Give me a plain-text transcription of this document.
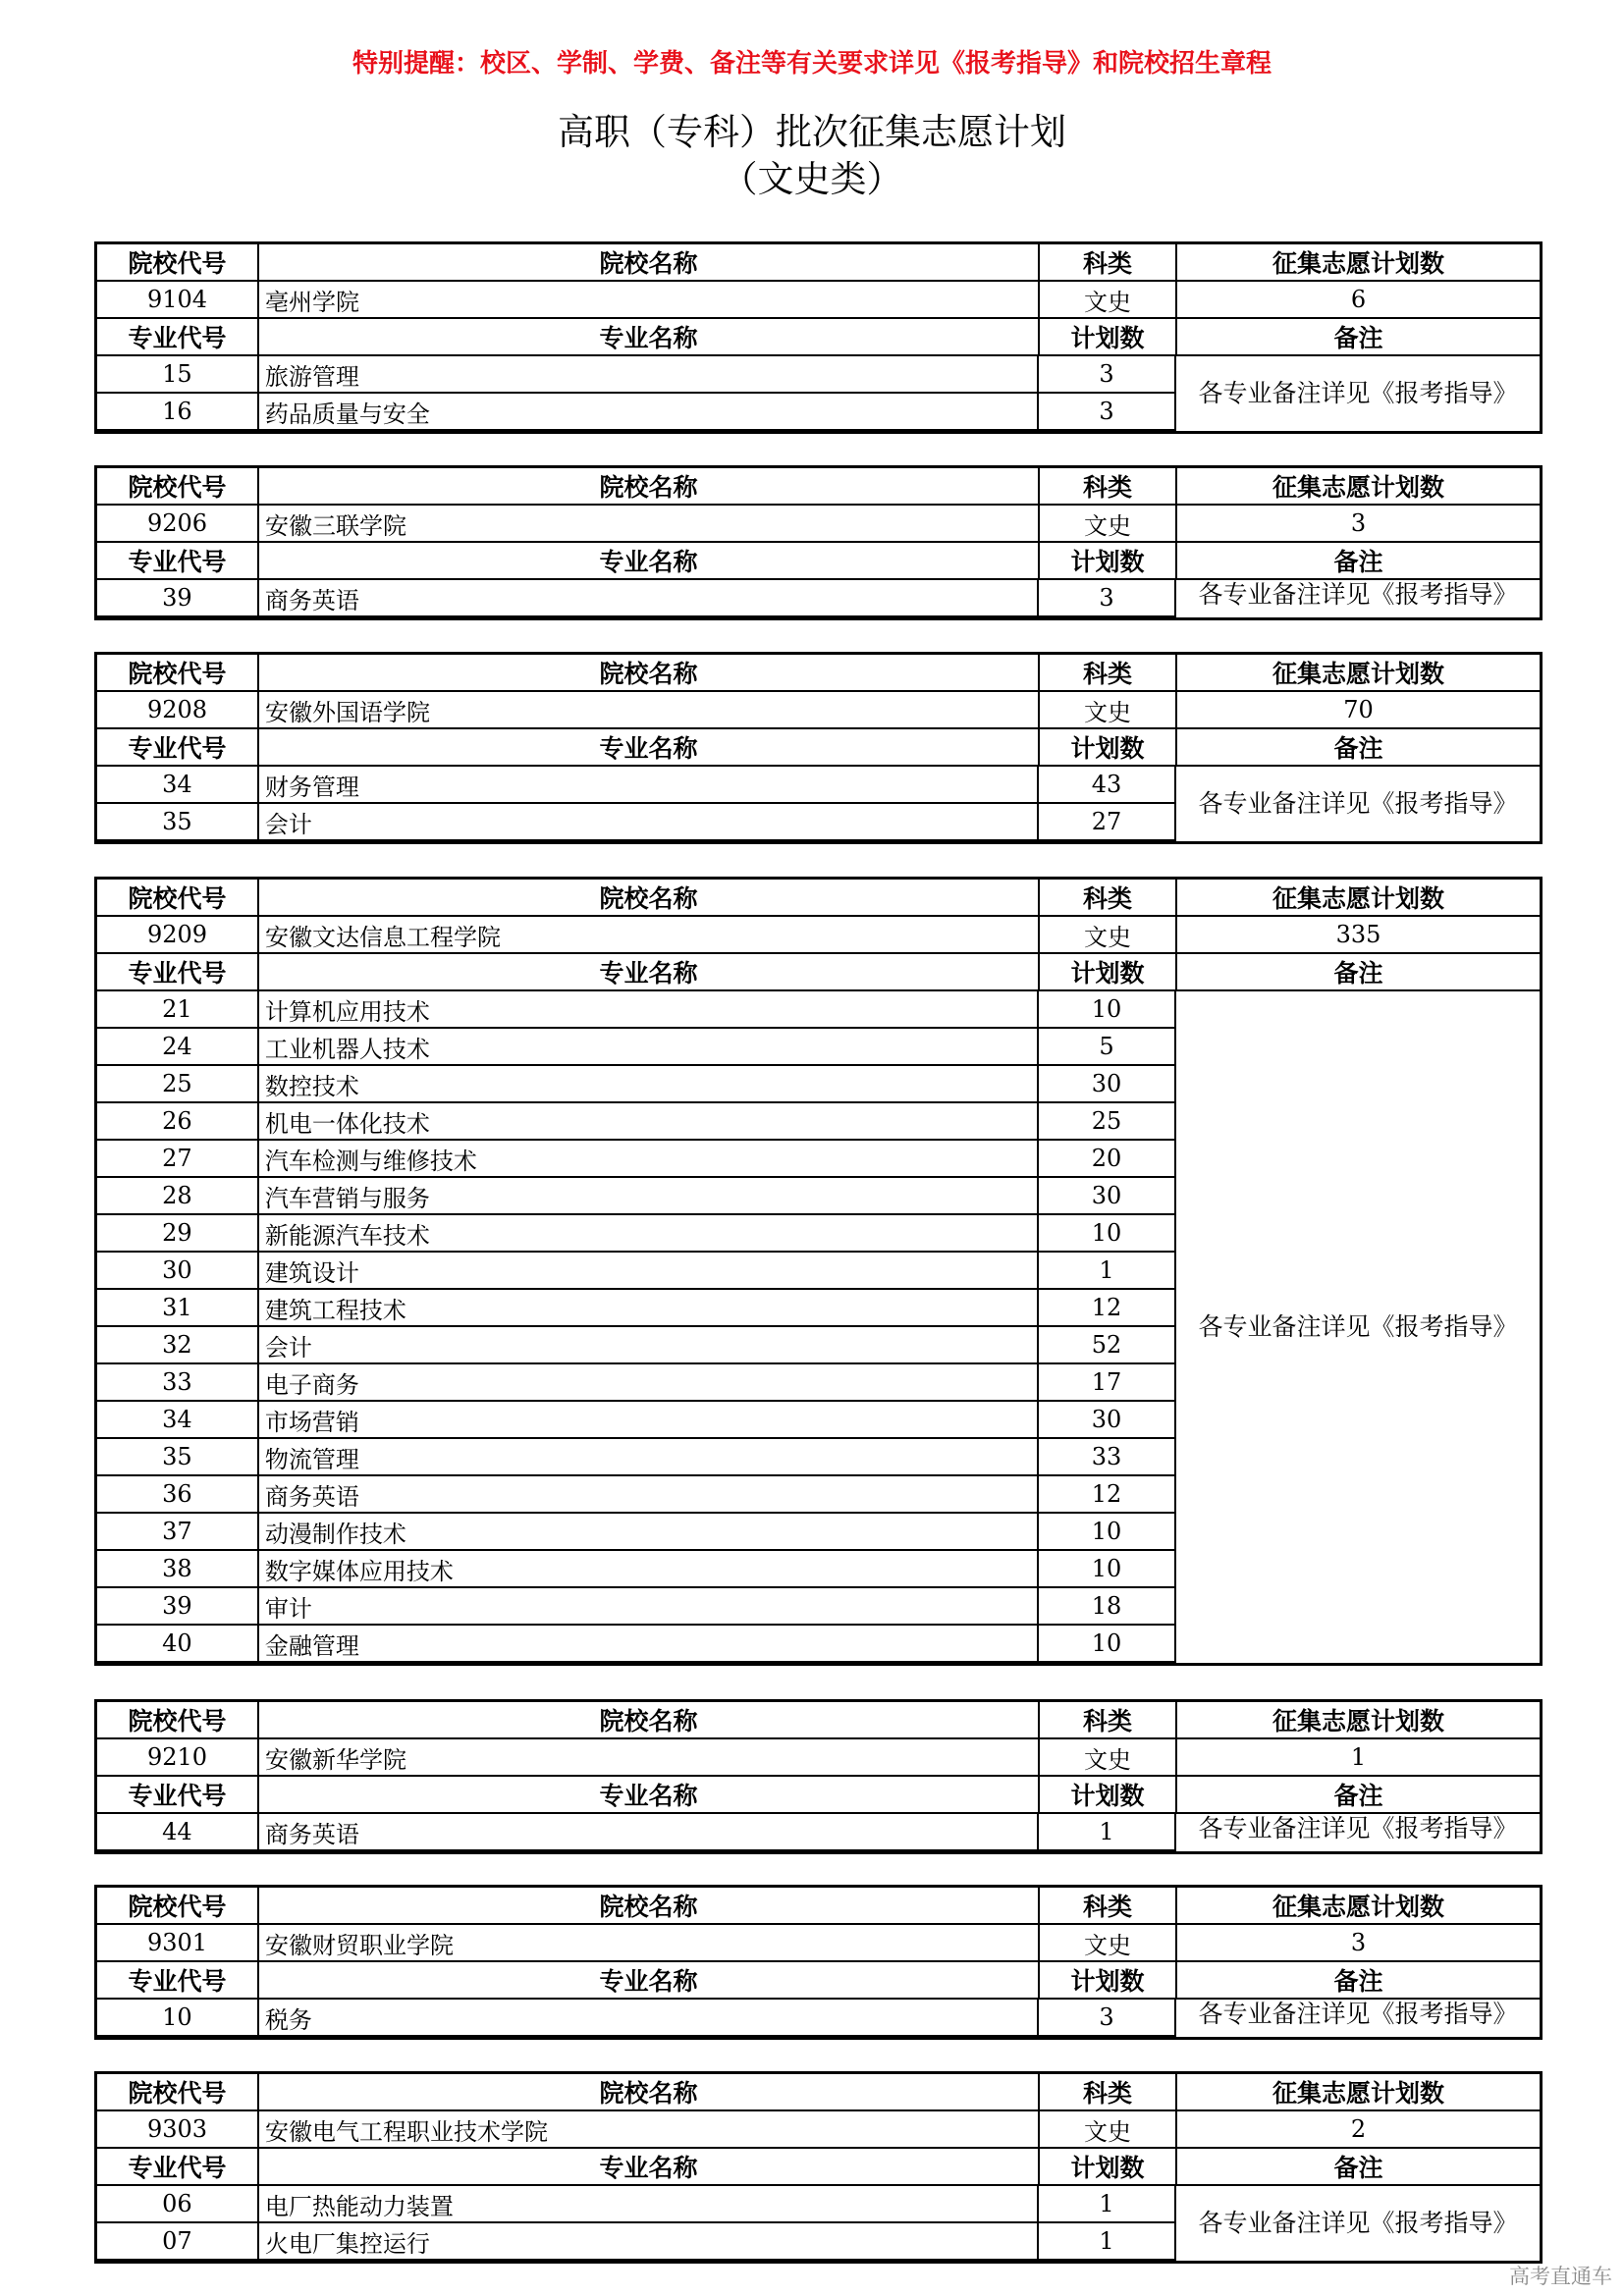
特别提醒：校区、学制、学费、备注等有关要求详见《报考指导》和院校招生章程
高职（专科）批次征集志愿计划
（文史类）
院校代号	院校名称	科类	征集志愿计划数
9104	亳州学院	文史	6
专业代号	专业名称	计划数	备注
15	旅游管理	3
16	药品质量与安全	3
各专业备注详见《报考指导》
院校代号	院校名称	科类	征集志愿计划数
9206	安徽三联学院	文史	3
专业代号	专业名称	计划数	备注
39	商务英语	3	各专业备注详见《报考指导》
院校代号	院校名称	科类	征集志愿计划数
9208	安徽外国语学院	文史	70
专业代号	专业名称	计划数	备注
34	财务管理	43
35	会计	27
各专业备注详见《报考指导》
院校代号	院校名称	科类	征集志愿计划数
9209	安徽文达信息工程学院	文史	335
专业代号	专业名称	计划数	备注
21	计算机应用技术	10
24	工业机器人技术	5
25	数控技术	30
26	机电一体化技术	25
27	汽车检测与维修技术	20
28	汽车营销与服务	30
29	新能源汽车技术	10
30	建筑设计	1
31	建筑工程技术	12
32	会计	52
33	电子商务	17
34	市场营销	30
35	物流管理	33
36	商务英语	12
37	动漫制作技术	10
38	数字媒体应用技术	10
39	审计	18
40	金融管理	10
各专业备注详见《报考指导》
院校代号	院校名称	科类	征集志愿计划数
9210	安徽新华学院	文史	1
专业代号	专业名称	计划数	备注
44	商务英语	1	各专业备注详见《报考指导》
院校代号	院校名称	科类	征集志愿计划数
9301	安徽财贸职业学院	文史	3
专业代号	专业名称	计划数	备注
10	税务	3	各专业备注详见《报考指导》
院校代号	院校名称	科类	征集志愿计划数
9303	安徽电气工程职业技术学院	文史	2
专业代号	专业名称	计划数	备注
06	电厂热能动力装置	1
07	火电厂集控运行	1
各专业备注详见《报考指导》
高考直通车
